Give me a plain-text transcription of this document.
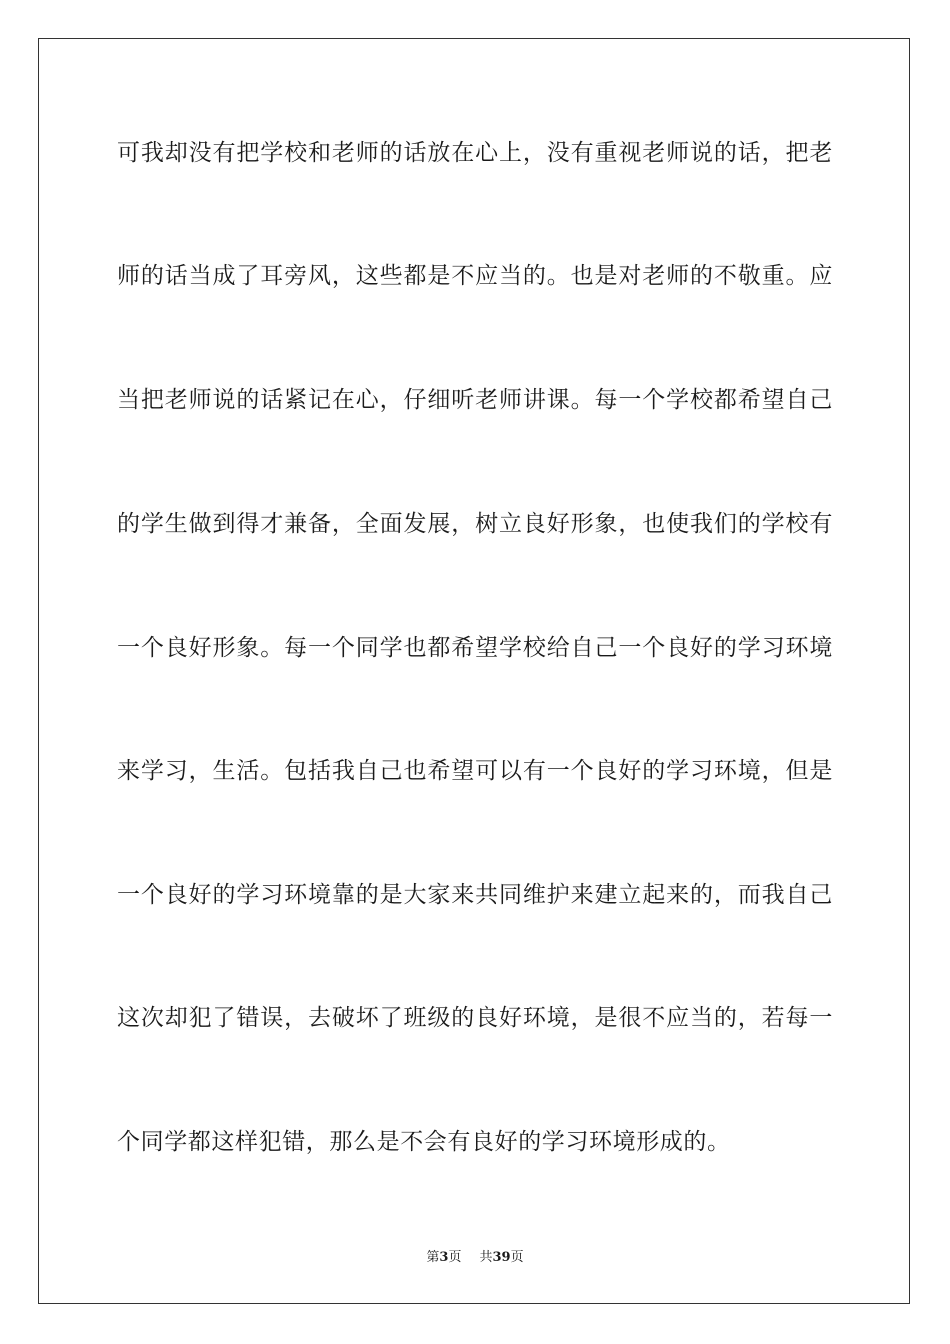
可我却没有把学校和老师的话放在心上，没有重视老师说的话，把老
师的话当成了耳旁风，这些都是不应当的。也是对老师的不敬重。应
当把老师说的话紧记在心，仔细听老师讲课。每一个学校都希望自己
的学生做到得才兼备，全面发展，树立良好形象，也使我们的学校有
一个良好形象。每一个同学也都希望学校给自己一个良好的学习环境
来学习，生活。包括我自己也希望可以有一个良好的学习环境，但是
一个良好的学习环境靠的是大家来共同维护来建立起来的，而我自己
这次却犯了错误，去破坏了班级的良好环境，是很不应当的，若每一
个同学都这样犯错，那么是不会有良好的学习环境形成的。
第3页 共39页
